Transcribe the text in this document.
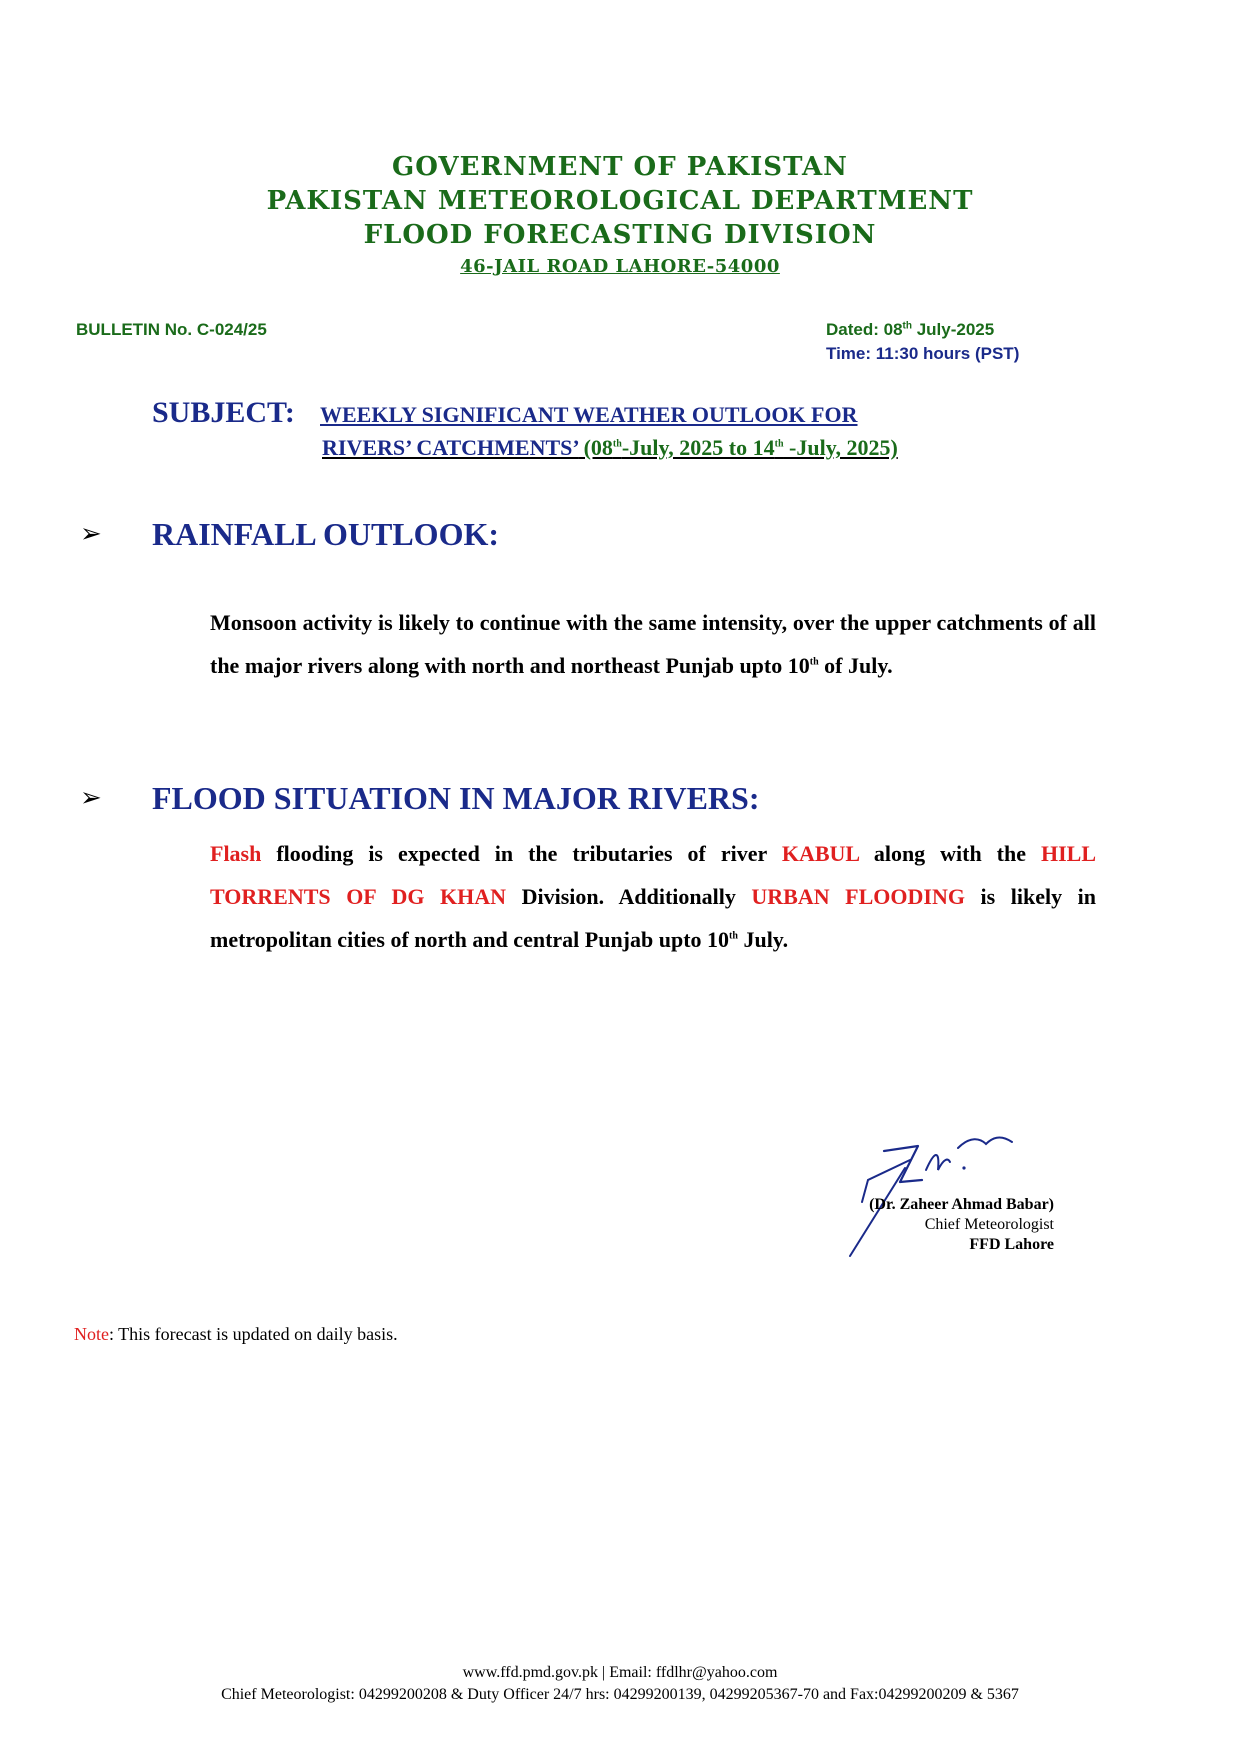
GOVERNMENT OF PAKISTAN
PAKISTAN METEOROLOGICAL DEPARTMENT
FLOOD FORECASTING DIVISION
46-JAIL ROAD LAHORE-54000
BULLETIN No. C-024/25	Dated: 08th July-2025
Time: 11:30 hours (PST)
SUBJECT: WEEKLY SIGNIFICANT WEATHER OUTLOOK FOR
RIVERS’ CATCHMENTS’ (08th-July, 2025 to 14th -July, 2025)
➢ RAINFALL OUTLOOK:
Monsoon activity is likely to continue with the same intensity, over the upper catchments of all the major rivers along with north and northeast Punjab upto 10th of July.
➢ FLOOD SITUATION IN MAJOR RIVERS:
Flash flooding is expected in the tributaries of river KABUL along with the HILL TORRENTS OF DG KHAN Division. Additionally URBAN FLOODING is likely in metropolitan cities of north and central Punjab upto 10th July.
(Dr. Zaheer Ahmad Babar)
Chief Meteorologist
FFD Lahore
Note: This forecast is updated on daily basis.
www.ffd.pmd.gov.pk | Email: ffdlhr@yahoo.com
Chief Meteorologist: 04299200208 & Duty Officer 24/7 hrs: 04299200139, 04299205367-70 and Fax:04299200209 & 5367
